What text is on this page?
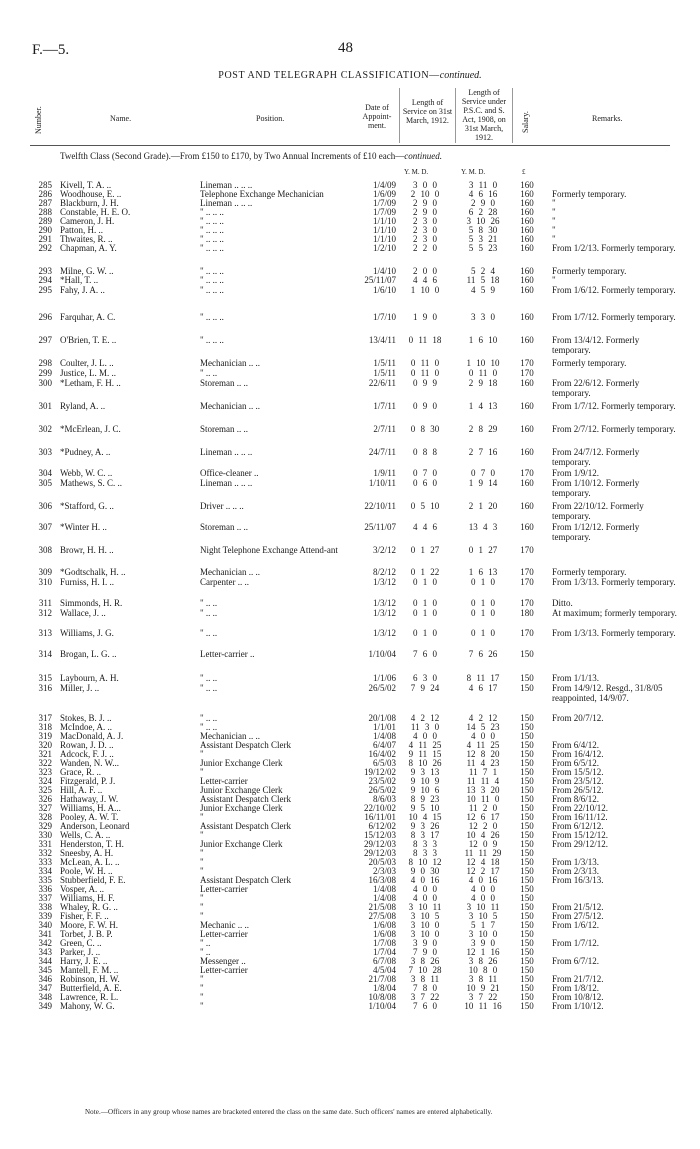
F.—5.	48
POST AND TELEGRAPH CLASSIFICATION—continued.
Number.	Name.	Position.
Date of Appoint-ment.
Length of Service on 31st March, 1912.
Length of Service under P.S.C. and S. Act, 1908, on 31st March, 1912.
Salary.	Remarks.
Twelfth Class (Second Grade).—From £150 to £170, by Two Annual Increments of £10 each—continued.
Y. M. D.	Y. M. D.	£
285 Kivell, T. A. ..	Lineman .. .. ..	1/4/09	3 0 0	3 11 0	160
286 Woodhouse, E. ..	Telephone Exchange Mechanician	1/6/09	2 10 0	4 6 16	160	Formerly temporary.
287 Blackburn, J. H.	Lineman .. .. ..	1/7/09	2 9 0	2 9 0	160	"
288 Constable, H. E. O.	" .. .. ..	1/7/09	2 9 0	6 2 28	160	"
289 Cameron, J. H.	" .. .. ..	1/1/10	2 3 0	3 10 26	160	"
290 Patton, H. ..	" .. .. ..	1/1/10	2 3 0	5 8 30	160	"
291 Thwaites, R. ..	" .. .. ..	1/1/10	2 3 0	5 3 21	160	"
292 Chapman, A. Y.	" .. .. ..	1/2/10	2 2 0	5 5 23	160	From 1/2/13. Formerly temporary.
293 Milne, G. W. ..	" .. .. ..	1/4/10	2 0 0	5 2 4	160	Formerly temporary.
294 *Hall, T. ..	" .. .. ..	25/11/07	4 4 6	11 5 18	160	"
295 Fahy, J. A. ..	" .. .. ..	1/6/10	1 10 0	4 5 9	160	From 1/6/12. Formerly temporary.
296 Farquhar, A. C.	" .. .. ..	1/7/10	1 9 0	3 3 0	160	From 1/7/12. Formerly temporary.
297 O'Brien, T. E. ..	" .. .. ..	13/4/11	0 11 18	1 6 10	160	From 13/4/12. Formerly temporary.
298 Coulter, J. L. ..	Mechanician .. ..	1/5/11	0 11 0	1 10 10	170	Formerly temporary.
299 Justice, L. M. ..	" .. ..	1/5/11	0 11 0	0 11 0	170
300 *Letham, F. H. ..	Storeman .. ..	22/6/11	0 9 9	2 9 18	160	From 22/6/12. Formerly temporary.
301 Ryland, A. ..	Mechanician .. ..	1/7/11	0 9 0	1 4 13	160	From 1/7/12. Formerly temporary.
302 *McErlean, J. C.	Storeman .. ..	2/7/11	0 8 30	2 8 29	160	From 2/7/12. Formerly temporary.
303 *Pudney, A. ..	Lineman .. .. ..	24/7/11	0 8 8	2 7 16	160	From 24/7/12. Formerly temporary.
304 Webb, W. C. ..	Office-cleaner ..	1/9/11	0 7 0	0 7 0	170	From 1/9/12.
305 Mathews, S. C. ..	Lineman .. .. ..	1/10/11	0 6 0	1 9 14	160	From 1/10/12. Formerly temporary.
306 *Stafford, G. ..	Driver .. .. ..	22/10/11	0 5 10	2 1 20	160	From 22/10/12. Formerly temporary.
307 *Winter H. ..	Storeman .. ..	25/11/07	4 4 6	13 4 3	160	From 1/12/12. Formerly temporary.
308 Browr, H. H. ..	Night Telephone Exchange Attend-ant	3/2/12	0 1 27	0 1 27	170
309 *Godtschalk, H. ..	Mechanician .. ..	8/2/12	0 1 22	1 6 13	170	Formerly temporary.
310 Furniss, H. I. ..	Carpenter .. ..	1/3/12	0 1 0	0 1 0	170	From 1/3/13. Formerly temporary.
311 Simmonds, H. R.	" .. ..	1/3/12	0 1 0	0 1 0	170	Ditto.
312 Wallace, J. ..	" .. ..	1/3/12	0 1 0	0 1 0	180	At maximum; formerly temporary.
313 Williams, J. G.	" .. ..	1/3/12	0 1 0	0 1 0	170	From 1/3/13. Formerly temporary.
314 Brogan, L. G. ..	Letter-carrier ..	1/10/04	7 6 0	7 6 26	150
315 Laybourn, A. H.	" .. ..	1/1/06	6 3 0	8 11 17	150	From 1/1/13.
316 Miller, J. ..	" .. ..	26/5/02	7 9 24	4 6 17	150	From 14/9/12. Resgd., 31/8/05 reappointed, 14/9/07.
317 Stokes, B. J. ..	" .. ..	20/1/08	4 2 12	4 2 12	150	From 20/7/12.
318 McIndoe, A. ..	" .. ..	1/1/01	11 3 0	14 5 23	150
319 MacDonald, A. J.	Mechanician .. ..	1/4/08	4 0 0	4 0 0	150
320 Rowan, J. D. ..	Assistant Despatch Clerk	6/4/07	4 11 25	4 11 25	150	From 6/4/12.
321 Adcock, F. J. ..	"	16/4/02	9 11 15	12 8 20	150	From 16/4/12.
322 Wanden, N. W...	Junior Exchange Clerk	6/5/03	8 10 26	11 4 23	150	From 6/5/12.
323 Grace, R. ..	"	19/12/02	9 3 13	11 7 1	150	From 15/5/12.
324 Fitzgerald, P. J.	Letter-carrier	23/5/02	9 10 9	11 11 4	150	From 23/5/12.
325 Hill, A. F. ..	Junior Exchange Clerk	26/5/02	9 10 6	13 3 20	150	From 26/5/12.
326 Hathaway, J. W.	Assistant Despatch Clerk	8/6/03	8 9 23	10 11 0	150	From 8/6/12.
327 Williams, H. A...	Junior Exchange Clerk	22/10/02	9 5 10	11 2 0	150	From 22/10/12.
328 Pooley, A. W. T.	"	16/11/01	10 4 15	12 6 17	150	From 16/11/12.
329 Anderson, Leonard	Assistant Despatch Clerk	6/12/02	9 3 26	12 2 0	150	From 6/12/12.
330 Wells, C. A. ..	"	15/12/03	8 3 17	10 4 26	150	From 15/12/12.
331 Henderston, T. H.	Junior Exchange Clerk	29/12/03	8 3 3	12 0 9	150	From 29/12/12.
332 Sneesby, A. H.	"	29/12/03	8 3 3	11 11 29	150
333 McLean, A. L. ..	"	20/5/03	8 10 12	12 4 18	150	From 1/3/13.
334 Poole, W. H. ..	"	2/3/03	9 0 30	12 2 17	150	From 2/3/13.
335 Stubberfield, F. E.	Assistant Despatch Clerk	16/3/08	4 0 16	4 0 16	150	From 16/3/13.
336 Vosper, A. ..	Letter-carrier	1/4/08	4 0 0	4 0 0	150
337 Williams, H. F.	"	1/4/08	4 0 0	4 0 0	150
338 Whaley, R. G. ..	"	21/5/08	3 10 11	3 10 11	150	From 21/5/12.
339 Fisher, F. F. ..	"	27/5/08	3 10 5	3 10 5	150	From 27/5/12.
340 Moore, F. W. H.	Mechanic .. ..	1/6/08	3 10 0	5 1 7	150	From 1/6/12.
341 Torbet, J. B. P.	Letter-carrier	1/6/08	3 10 0	3 10 0	150
342 Green, C. ..	" ..	1/7/08	3 9 0	3 9 0	150	From 1/7/12.
343 Parker, J. ..	" ..	1/7/04	7 9 0	12 1 16	150
344 Harry, J. E. ..	Messenger ..	6/7/08	3 8 26	3 8 26	150	From 6/7/12.
345 Mantell, F. M. ..	Letter-carrier	4/5/04	7 10 28	10 8 0	150
346 Robinson, H. W.	"	21/7/08	3 8 11	3 8 11	150	From 21/7/12.
347 Butterfield, A. E.	"	1/8/04	7 8 0	10 9 21	150	From 1/8/12.
348 Lawrence, R. L.	"	10/8/08	3 7 22	3 7 22	150	From 10/8/12.
349 Mahony, W. G.	"	1/10/04	7 6 0	10 11 16	150	From 1/10/12.
Note.—Officers in any group whose names are bracketed entered the class on the same date. Such officers' names are entered alphabetically.
